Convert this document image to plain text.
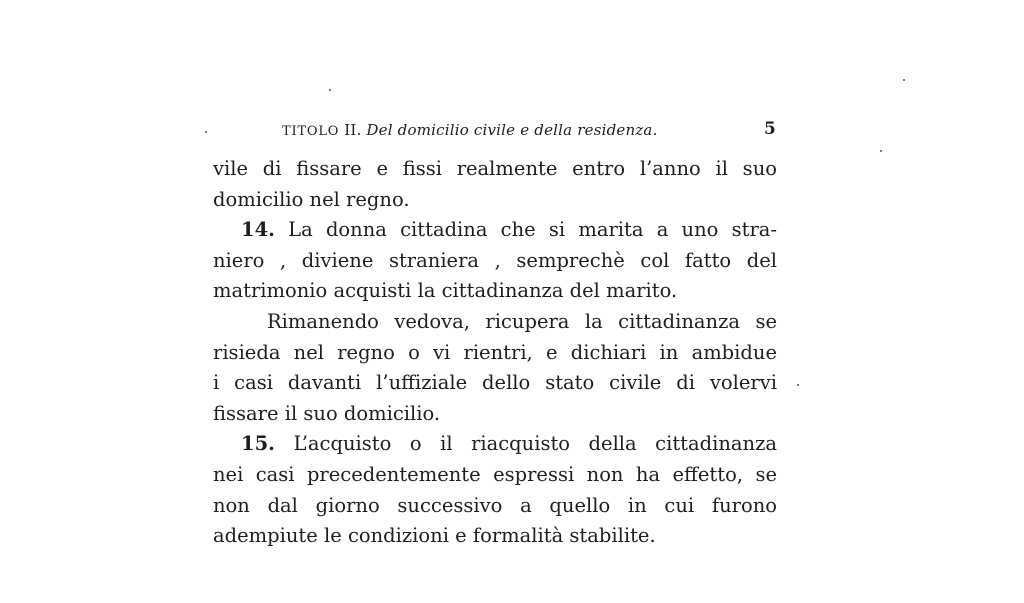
TITOLO II. Del domicilio civile e della residenza.	5
vile di fissare e fissi realmente entro l’anno il suo
domicilio nel regno.
14. La donna cittadina che si marita a uno stra-
niero , diviene straniera , semprechè col fatto del
matrimonio acquisti la cittadinanza del marito.
Rimanendo vedova, ricupera la cittadinanza se
risieda nel regno o vi rientri, e dichiari in ambidue
i casi davanti l’uffiziale dello stato civile di volervi
fissare il suo domicilio.
15. L’acquisto o il riacquisto della cittadinanza
nei casi precedentemente espressi non ha effetto, se
non dal giorno successivo a quello in cui furono
adempiute le condizioni e formalità stabilite.
